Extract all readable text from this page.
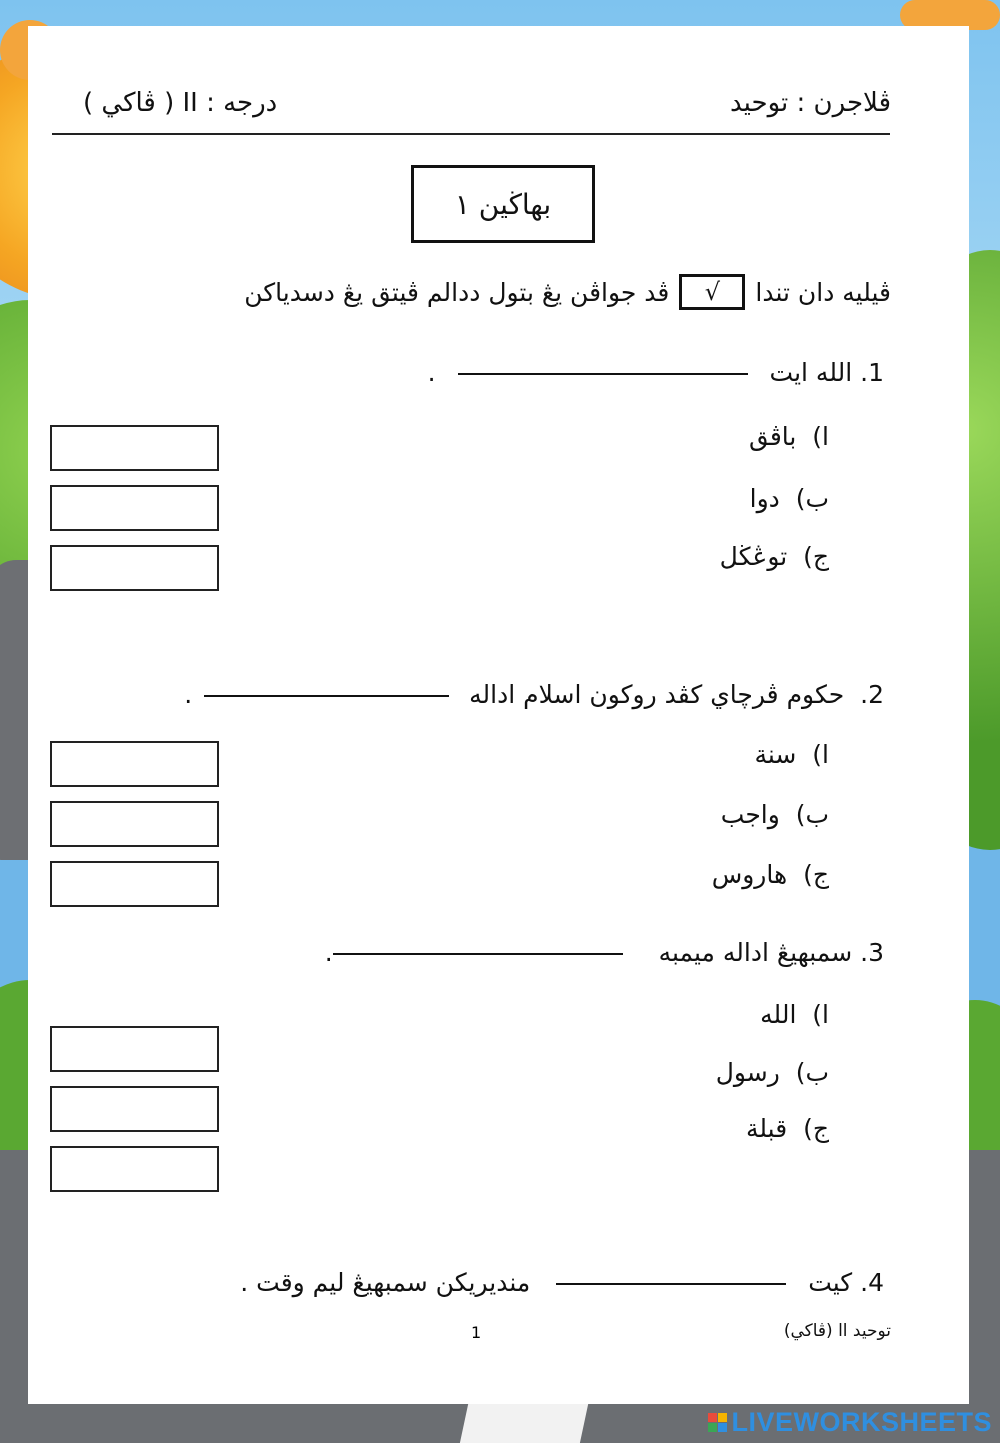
ڤلاجرن : توحيد
درجه : II ( ڤاکي )
بهاڬين ١
ڤيليه دان تندا
√
ڤد جواڤن يڠ بتول ددالم ڤيتق يڠ دسدياکن
1. الله ايت  .
ا)  باڤق
ب)  دوا
ج)  توڠڬل
2.  حکوم ڤرچاي کڤد روکون اسلام اداله .
ا)  سنة
ب)  واجب
ج)  هاروس
3. سمبهيڠ اداله ميمبه .
ا)  الله
ب)  رسول
ج)  قبلة
4. کيت  منديريکن سمبهيڠ ليم وقت .
توحيد اا (ڤاکي)
1
LIVEWORKSHEETS
